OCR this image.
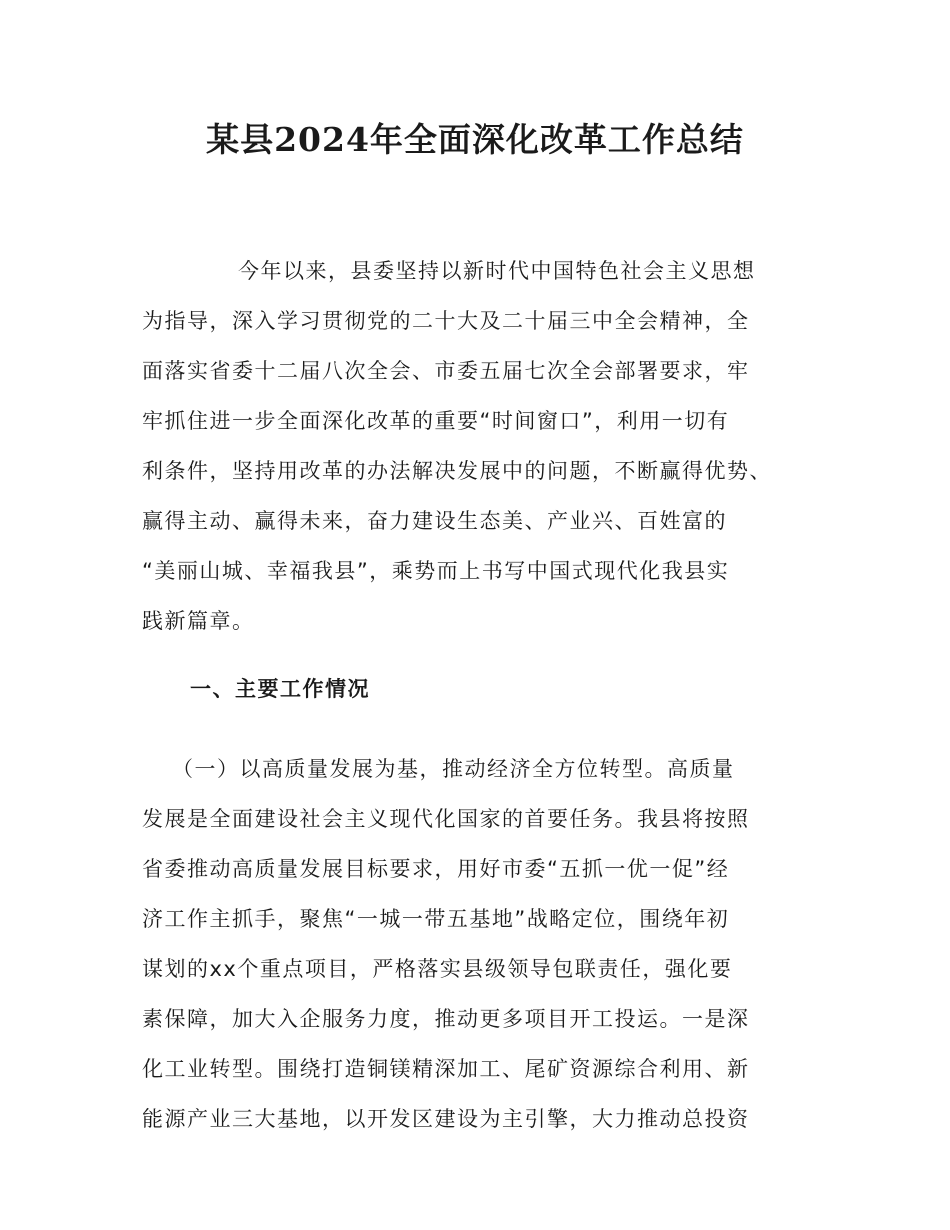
某县2024年全面深化改革工作总结
今年以来，县委坚持以新时代中国特色社会主义思想
为指导，深入学习贯彻党的二十大及二十届三中全会精神，全
面落实省委十二届八次全会、市委五届七次全会部署要求，牢
牢抓住进一步全面深化改革的重要“时间窗口”，利用一切有
利条件，坚持用改革的办法解决发展中的问题，不断赢得优势、
赢得主动、赢得未来，奋力建设生态美、产业兴、百姓富的
“美丽山城、幸福我县”，乘势而上书写中国式现代化我县实
践新篇章。
一、主要工作情况
（一）以高质量发展为基，推动经济全方位转型。高质量
发展是全面建设社会主义现代化国家的首要任务。我县将按照
省委推动高质量发展目标要求，用好市委“五抓一优一促”经
济工作主抓手，聚焦“一城一带五基地”战略定位，围绕年初
谋划的xx个重点项目，严格落实县级领导包联责任，强化要
素保障，加大入企服务力度，推动更多项目开工投运。一是深
化工业转型。围绕打造铜镁精深加工、尾矿资源综合利用、新
能源产业三大基地，以开发区建设为主引擎，大力推动总投资
